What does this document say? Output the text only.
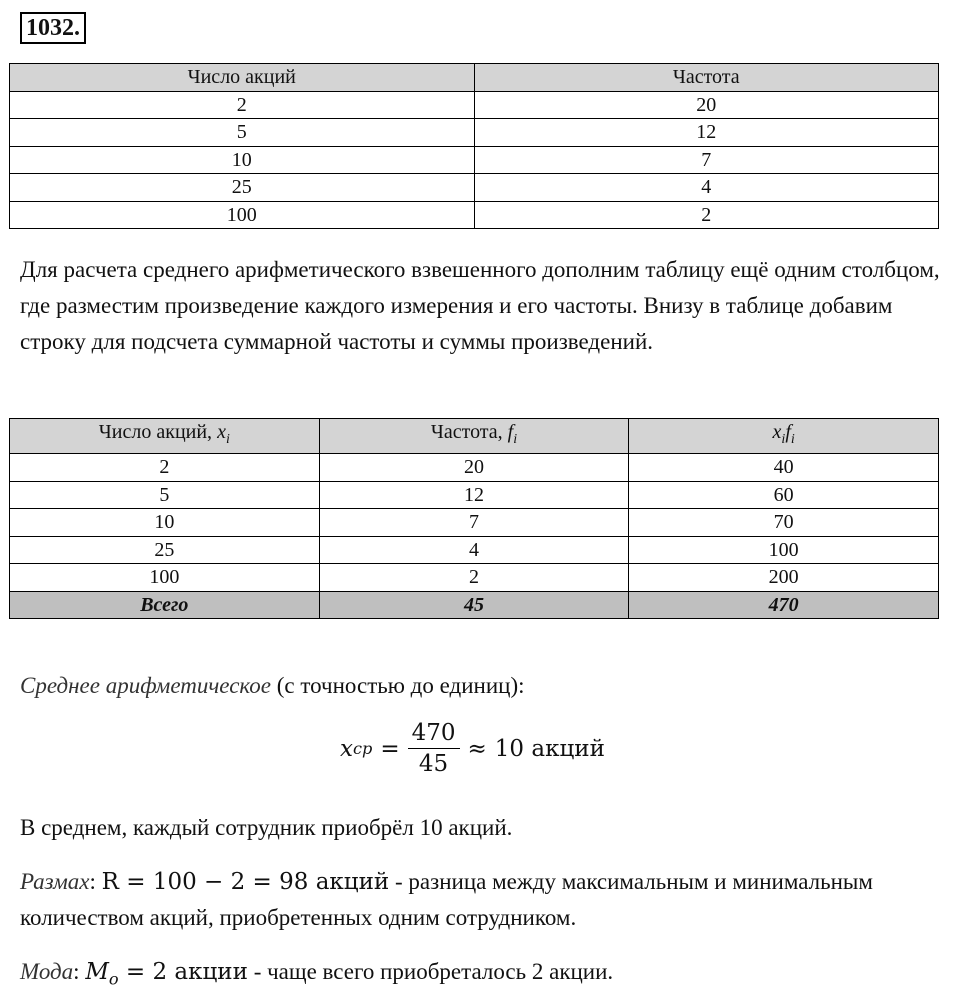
1032.
Число акций	Частота
2	20
5	12
10	7
25	4
100	2
Для расчета среднего арифметического взвешенного дополним таблицу ещё одним столбцом, где разместим произведение каждого измерения и его частоты. Внизу в таблице добавим строку для подсчета суммарной частоты и суммы произведений.
Число акций, $x_i$	Частота, $f_i$	$x_if_i$
2	20	40
5	12	60
10	7	70
25	4	100
100	2	200
Всего	45	470
Среднее арифметическое (с точностью до единиц):
x ср = $\frac{470}{45} \approx 10$ акций
В среднем, каждый сотрудник приобрёл 10 акций.
Размах: R = 100 − 2 = 98 акций - разница между максимальным и минимальным количеством акций, приобретенных одним сотрудником.
Мода: $M_o = 2$ акции - чаще всего приобреталось 2 акции.
